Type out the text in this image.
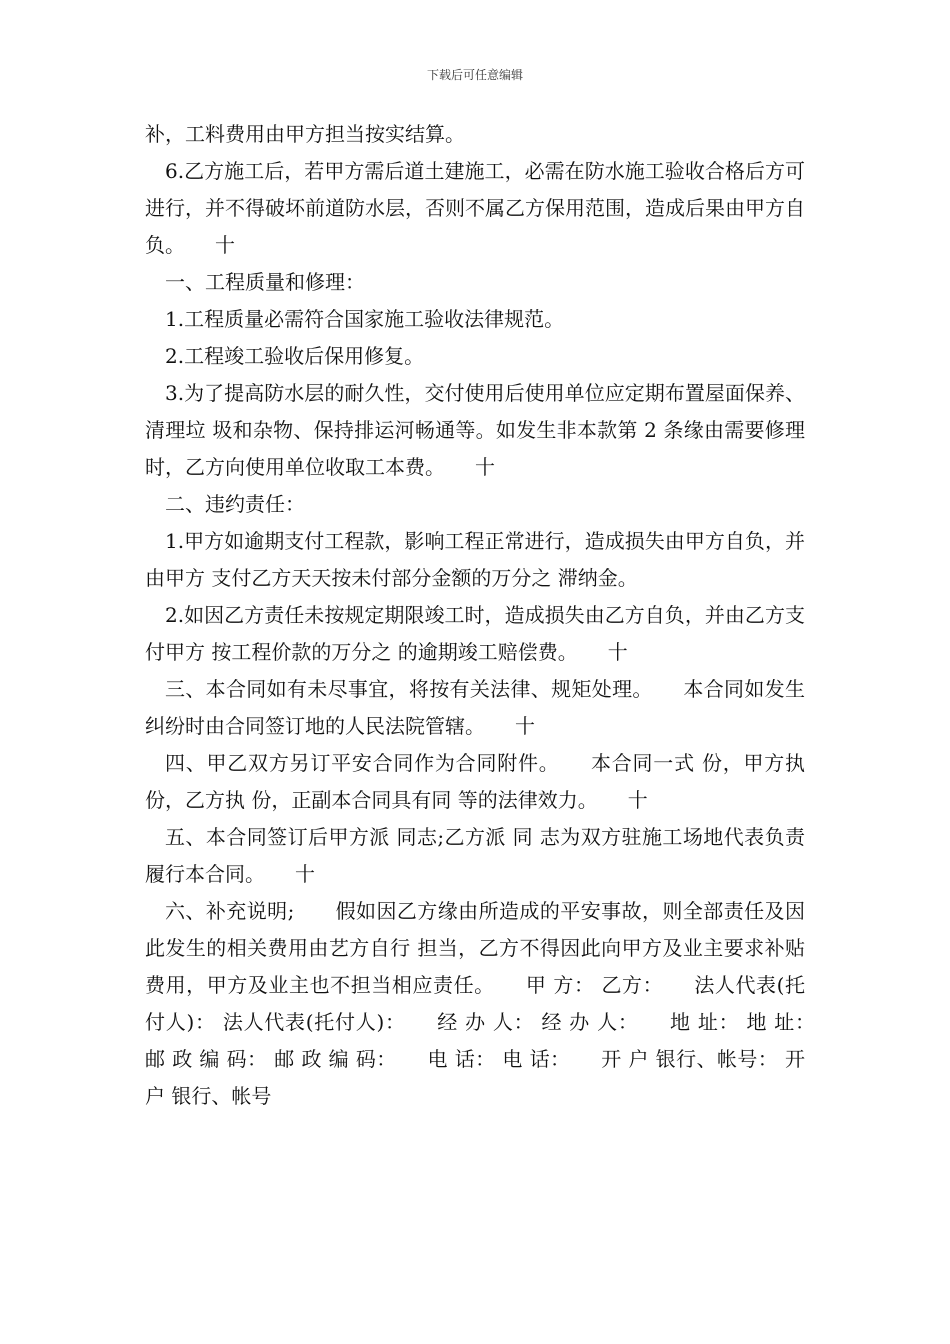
下载后可任意编辑

补，工料费用由甲方担当按实结算。

6.乙方施工后，若甲方需后道土建施工，必需在防水施工验收合格后方可进行，并不得破坏前道防水层，否则不属乙方保用范围，造成后果由甲方自负。　　十

一、工程质量和修理：

1.工程质量必需符合国家施工验收法律规范。

2.工程竣工验收后保用修复。

3.为了提高防水层的耐久性，交付使用后使用单位应定期布置屋面保养、清理垃 圾和杂物、保持排运河畅通等。如发生非本款第 2 条缘由需要修理时，乙方向使用单位收取工本费。　　十

二、违约责任：

1.甲方如逾期支付工程款，影响工程正常进行，造成损失由甲方自负，并由甲方 支付乙方天天按未付部分金额的万分之 滞纳金。

2.如因乙方责任未按规定期限竣工时，造成损失由乙方自负，并由乙方支付甲方 按工程价款的万分之 的逾期竣工赔偿费。　　十

三、本合同如有未尽事宜，将按有关法律、规矩处理。　　本合同如发生纠纷时由合同签订地的人民法院管辖。　　十

四、甲乙双方另订平安合同作为合同附件。　　本合同一式 份，甲方执 份，乙方执 份，正副本合同具有同 等的法律效力。　　十

五、本合同签订后甲方派 同志;乙方派 同 志为双方驻施工场地代表负责履行本合同。　　十

六、补充说明;　　假如因乙方缘由所造成的平安事故，则全部责任及因此发生的相关费用由艺方自行 担当，乙方不得因此向甲方及业主要求补贴费用，甲方及业主也不担当相应责任。　　甲 方： 乙方：　　法人代表(托付人)： 法人代表(托付人)：　　经 办 人： 经 办 人：　　地 址： 地 址：　　邮 政 编 码： 邮 政 编 码：　　电 话： 电 话：　　开 户 银行、帐号： 开 户 银行、帐号
